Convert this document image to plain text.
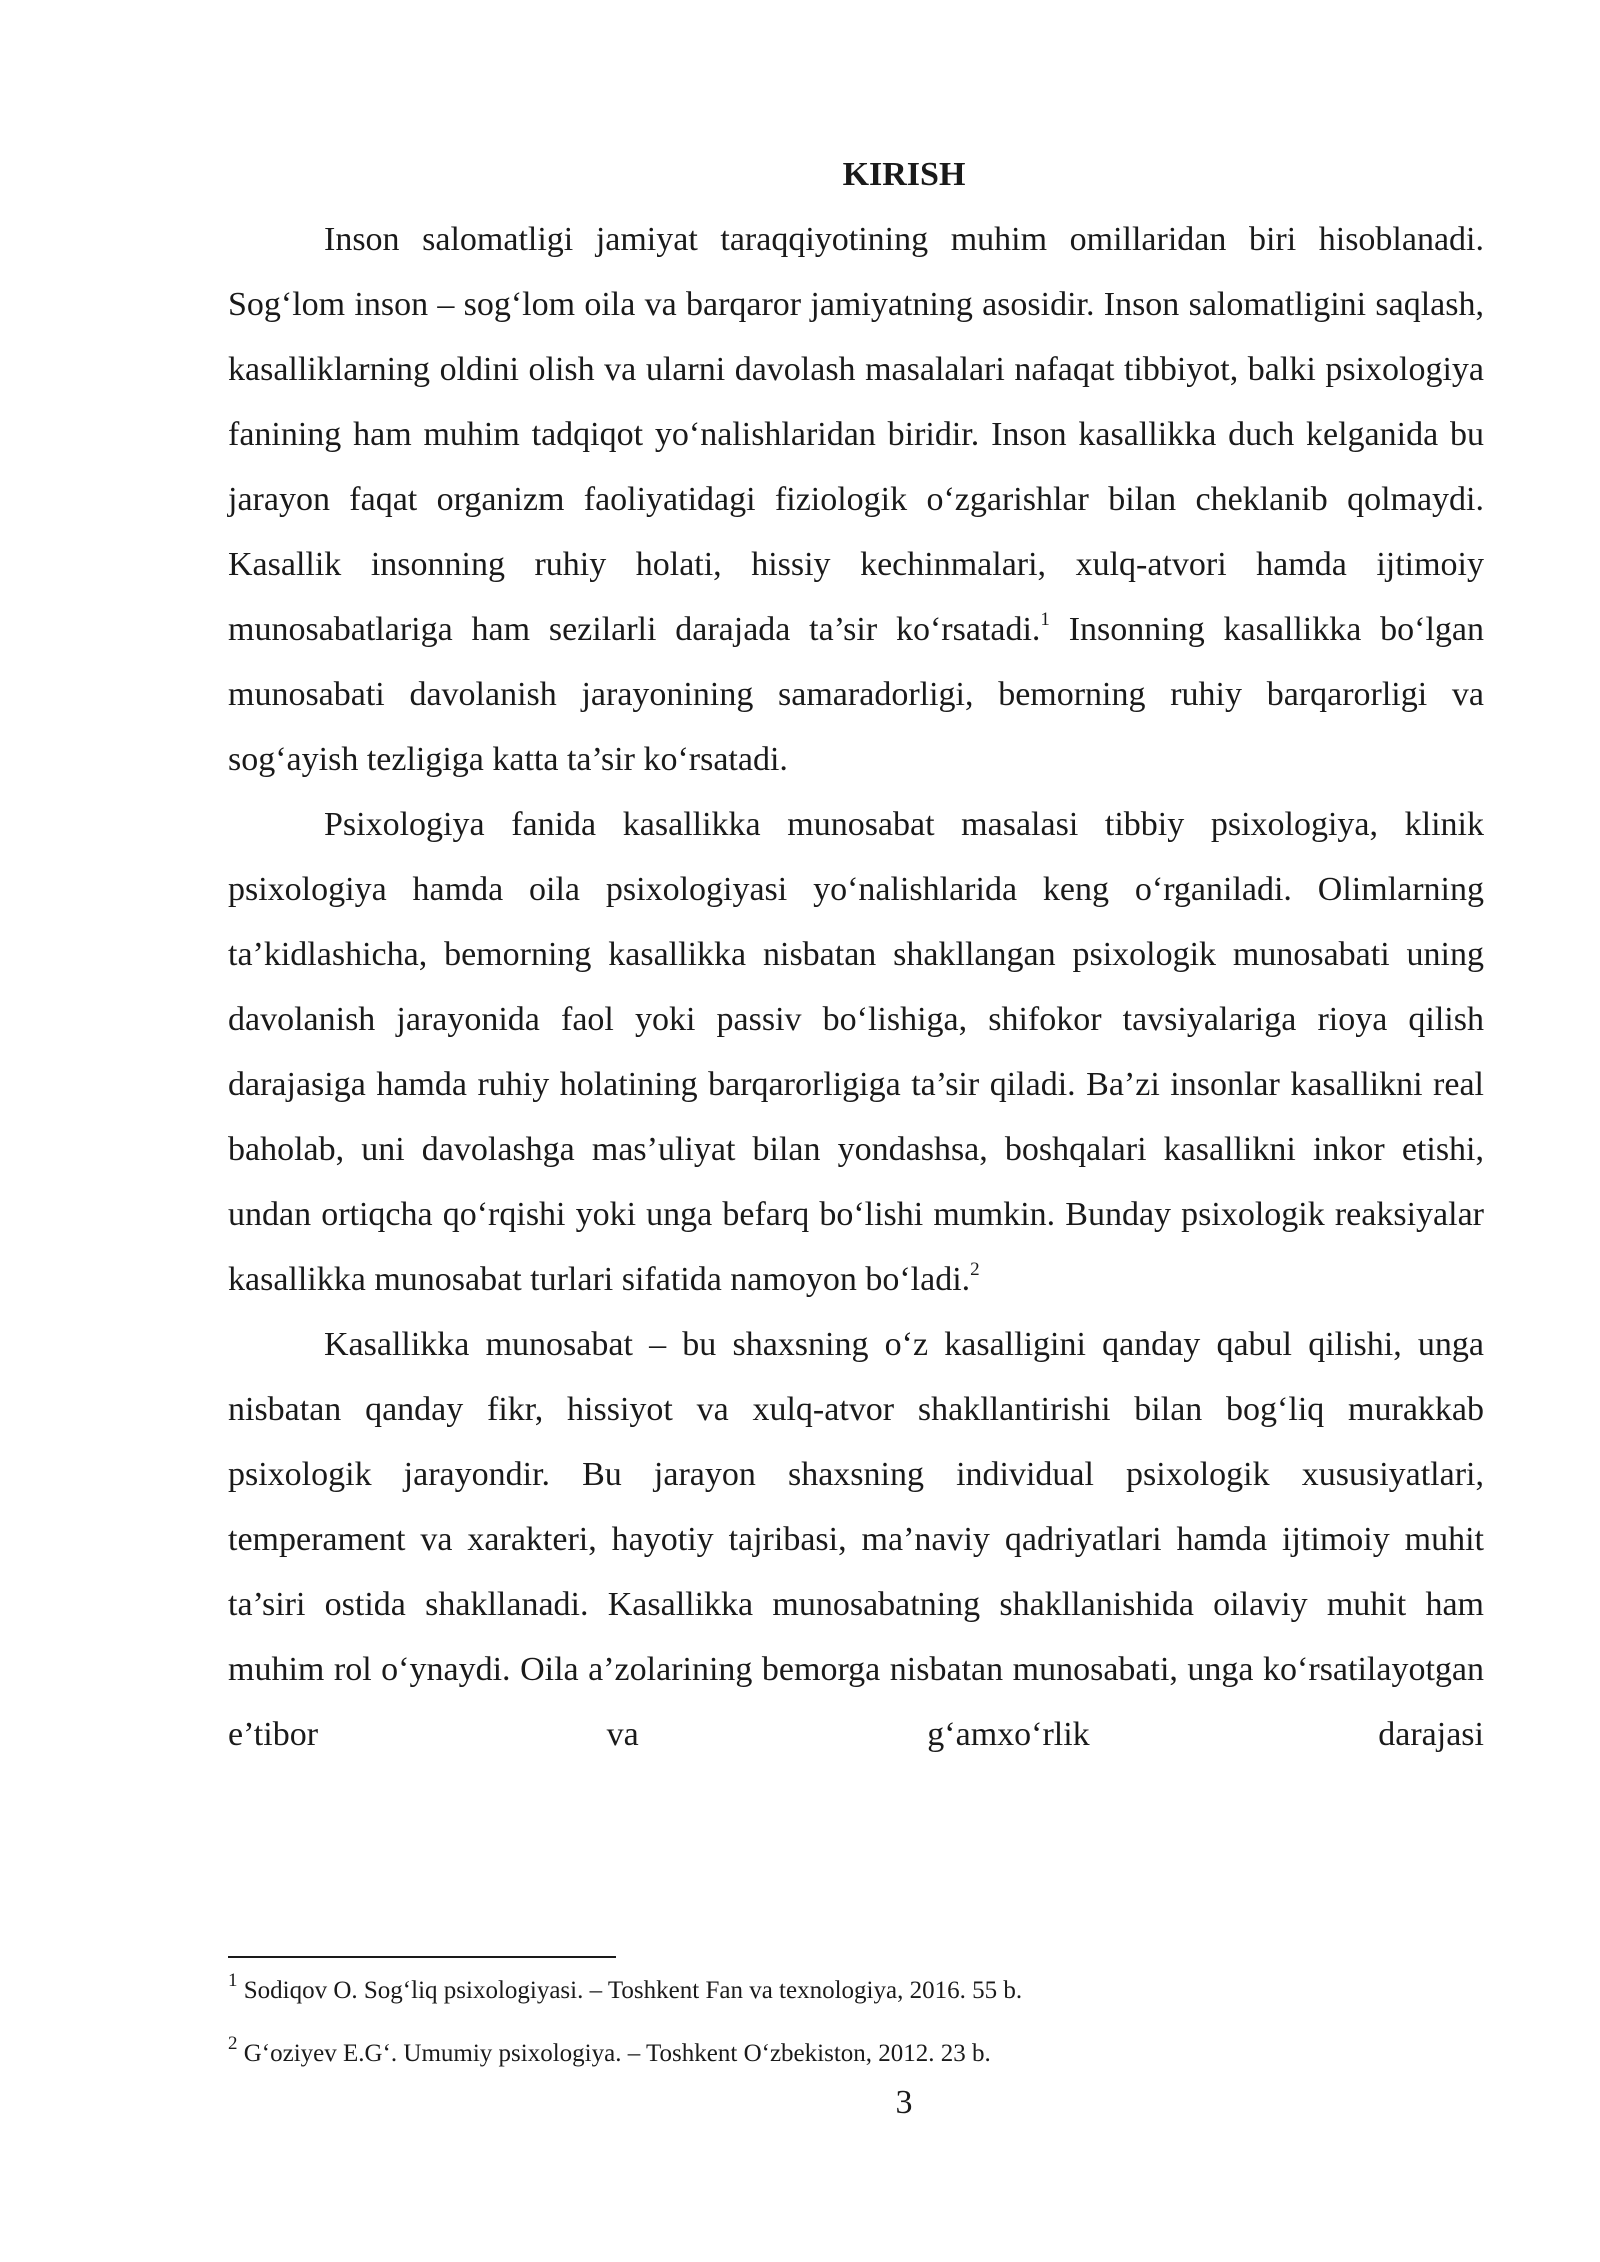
KIRISH

Inson salomatligi jamiyat taraqqiyotining muhim omillaridan biri hisoblanadi. Sog‘lom inson – sog‘lom oila va barqaror jamiyatning asosidir. Inson salomatligini saqlash, kasalliklarning oldini olish va ularni davolash masalalari nafaqat tibbiyot, balki psixologiya fanining ham muhim tadqiqot yo‘nalishlaridan biridir. Inson kasallikka duch kelganida bu jarayon faqat organizm faoliyatidagi fiziologik o‘zgarishlar bilan cheklanib qolmaydi. Kasallik insonning ruhiy holati, hissiy kechinmalari, xulq-atvori hamda ijtimoiy munosabatlariga ham sezilarli darajada ta’sir ko‘rsatadi.$^1$ Insonning kasallikka bo‘lgan munosabati davolanish jarayonining samaradorligi, bemorning ruhiy barqarorligi va sog‘ayish tezligiga katta ta’sir ko‘rsatadi.

Psixologiya fanida kasallikka munosabat masalasi tibbiy psixologiya, klinik psixologiya hamda oila psixologiyasi yo‘nalishlarida keng o‘rganiladi. Olimlarning ta’kidlashicha, bemorning kasallikka nisbatan shakllangan psixologik munosabati uning davolanish jarayonida faol yoki passiv bo‘lishiga, shifokor tavsiyalariga rioya qilish darajasiga hamda ruhiy holatining barqarorligiga ta’sir qiladi. Ba’zi insonlar kasallikni real baholab, uni davolashga mas’uliyat bilan yondashsa, boshqalari kasallikni inkor etishi, undan ortiqcha qo‘rqishi yoki unga befarq bo‘lishi mumkin. Bunday psixologik reaksiyalar kasallikka munosabat turlari sifatida namoyon bo‘ladi.$^2$

Kasallikka munosabat – bu shaxsning o‘z kasalligini qanday qabul qilishi, unga nisbatan qanday fikr, hissiyot va xulq-atvor shakllantirishi bilan bog‘liq murakkab psixologik jarayondir. Bu jarayon shaxsning individual psixologik xususiyatlari, temperament va xarakteri, hayotiy tajribasi, ma’naviy qadriyatlari hamda ijtimoiy muhit ta’siri ostida shakllanadi. Kasallikka munosabatning shakllanishida oilaviy muhit ham muhim rol o‘ynaydi. Oila a’zolarining bemorga nisbatan munosabati, unga ko‘rsatilayotgan e’tibor va g‘amxo‘rlik darajasi

$^1$ Sodiqov O. Sog‘liq psixologiyasi. – Toshkent Fan va texnologiya, 2016. 55 b.

$^2$ G‘oziyev E.G‘. Umumiy psixologiya. – Toshkent O‘zbekiston, 2012. 23 b.

3
